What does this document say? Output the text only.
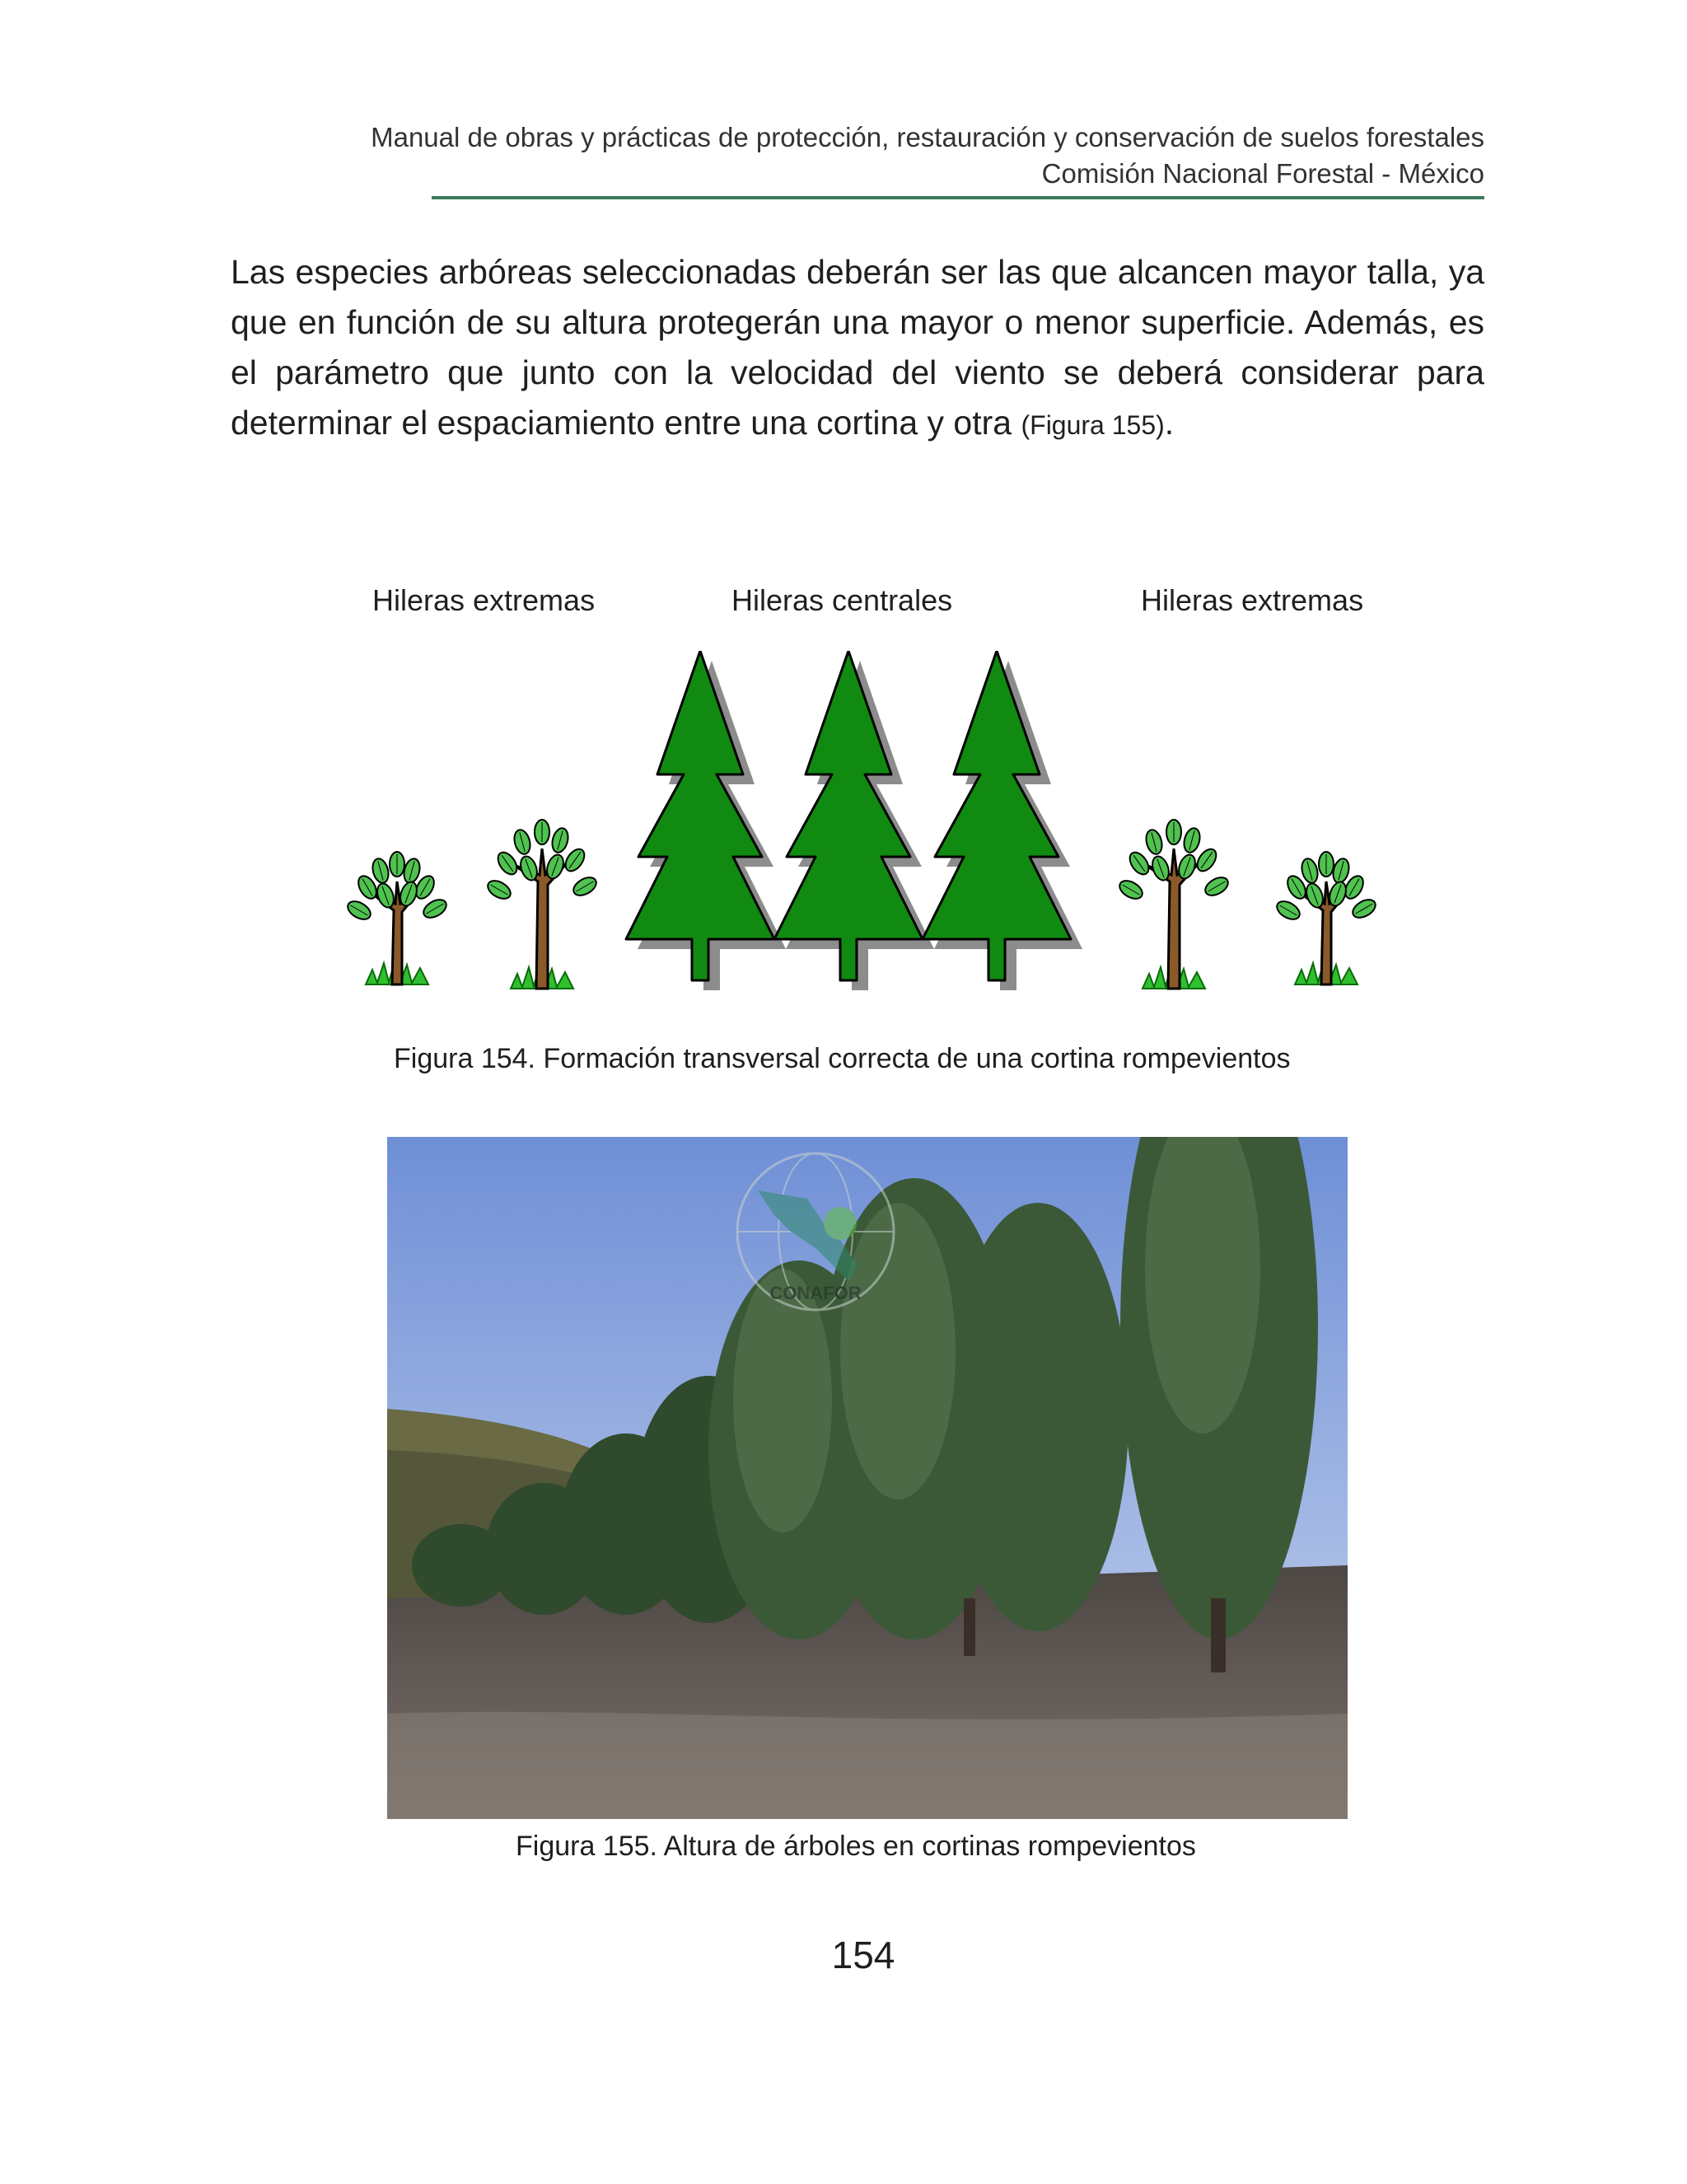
Manual de obras y prácticas de protección, restauración y conservación de suelos forestales
Comisión Nacional Forestal - México

Las especies arbóreas seleccionadas deberán ser las que alcancen mayor talla, ya que en función de su altura protegerán una mayor o menor superficie. Además, es el parámetro que junto con la velocidad del viento se deberá considerar para determinar el espaciamiento entre una cortina y otra (Figura 155).

Hileras extremas	Hileras centrales	Hileras extremas
Figura 154. Formación transversal correcta de una cortina rompevientos
CONAFOR
Figura 155. Altura de árboles en cortinas rompevientos
154
